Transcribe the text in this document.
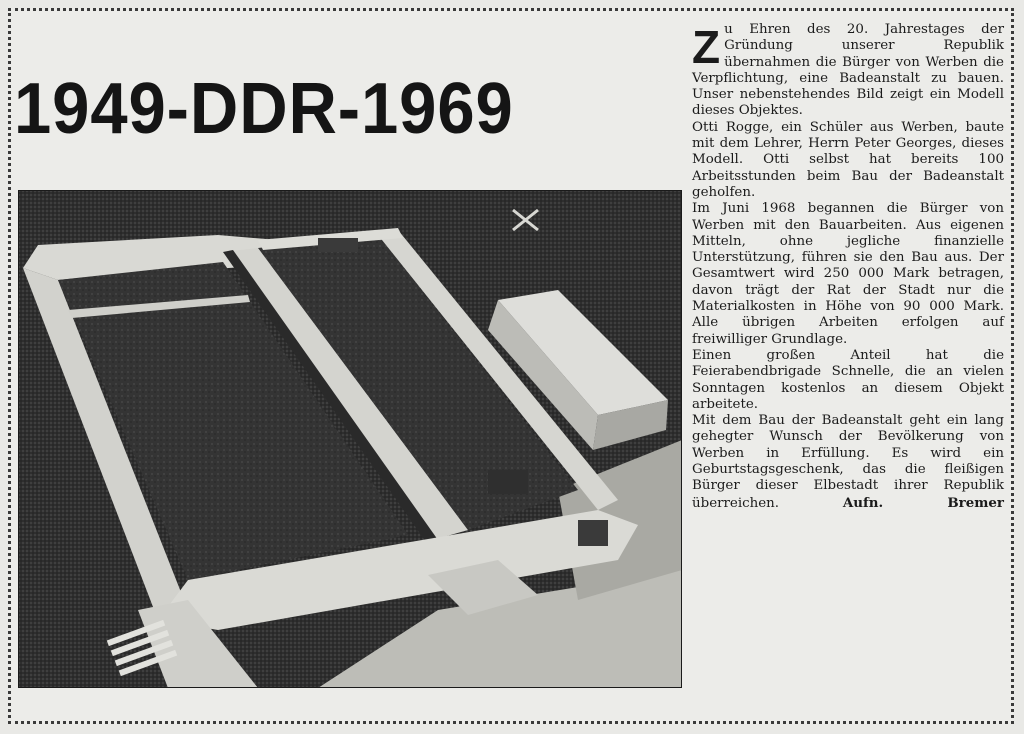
1949-DDR-1969

Zu Ehren des 20. Jahrestages der Gründung unserer Republik übernahmen die Bürger von Werben die Verpflichtung, eine Badeanstalt zu bauen. Unser nebenstehendes Bild zeigt ein Modell dieses Objektes.

Otti Rogge, ein Schüler aus Werben, baute mit dem Lehrer, Herrn Peter Georges, dieses Modell. Otti selbst hat bereits 100 Arbeitsstunden beim Bau der Badeanstalt geholfen.

Im Juni 1968 begannen die Bürger von Werben mit den Bauarbeiten. Aus eigenen Mitteln, ohne jegliche finanzielle Unterstützung, führen sie den Bau aus. Der Gesamtwert wird 250 000 Mark betragen, davon trägt der Rat der Stadt nur die Materialkosten in Höhe von 90 000 Mark. Alle übrigen Arbeiten erfolgen auf freiwilliger Grundlage.

Einen großen Anteil hat die Feierabendbrigade Schnelle, die an vielen Sonntagen kostenlos an diesem Objekt arbeitete.

Mit dem Bau der Badeanstalt geht ein lang gehegter Wunsch der Bevölkerung von Werben in Erfüllung. Es wird ein Geburtstagsgeschenk, das die fleißigen Bürger dieser Elbestadt ihrer Republik überreichen.	Aufn. Bremer
